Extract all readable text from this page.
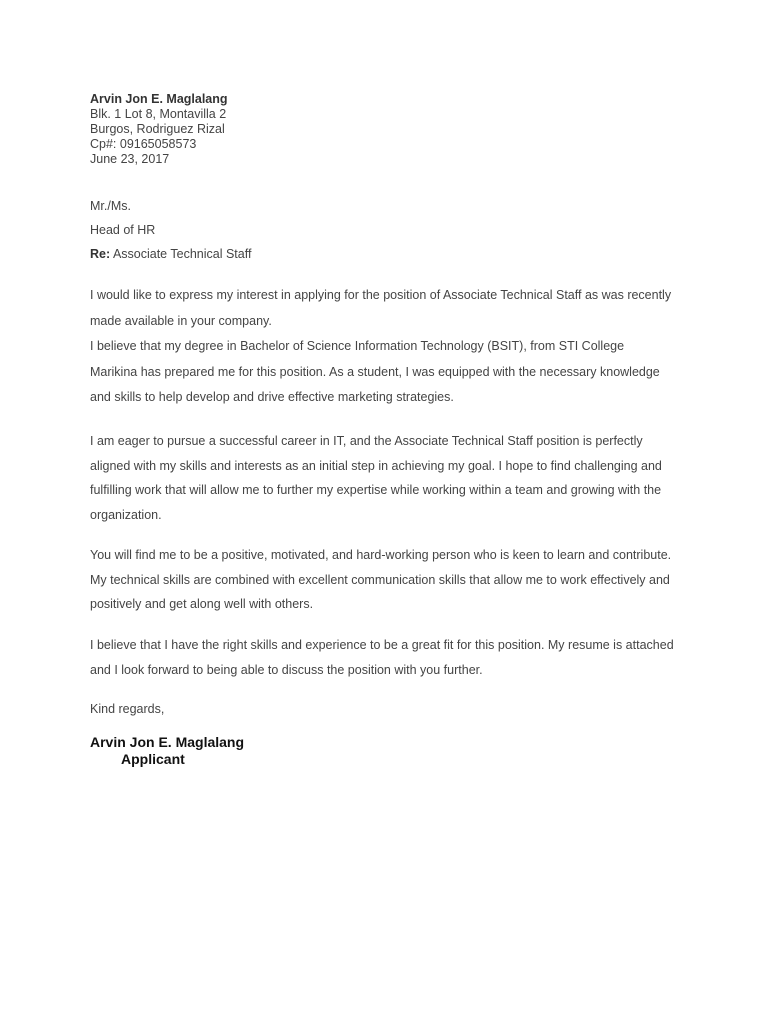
Arvin Jon E. Maglalang
Blk. 1 Lot 8, Montavilla 2
Burgos, Rodriguez Rizal
Cp#: 09165058573
June 23, 2017
Mr./Ms.
Head of HR
Re: Associate Technical Staff
I would like to express my interest in applying for the position of Associate Technical Staff as was recently
made available in your company.
I believe that my degree in Bachelor of Science Information Technology (BSIT), from STI College
Marikina has prepared me for this position. As a student, I was equipped with the necessary knowledge
and skills to help develop and drive effective marketing strategies.
I am eager to pursue a successful career in IT, and the Associate Technical Staff position is perfectly
aligned with my skills and interests as an initial step in achieving my goal. I hope to find challenging and
fulfilling work that will allow me to further my expertise while working within a team and growing with the
organization.
You will find me to be a positive, motivated, and hard-working person who is keen to learn and contribute.
My technical skills are combined with excellent communication skills that allow me to work effectively and
positively and get along well with others.
I believe that I have the right skills and experience to be a great fit for this position. My resume is attached
and I look forward to being able to discuss the position with you further.
Kind regards,
Arvin Jon E. Maglalang
Applicant
